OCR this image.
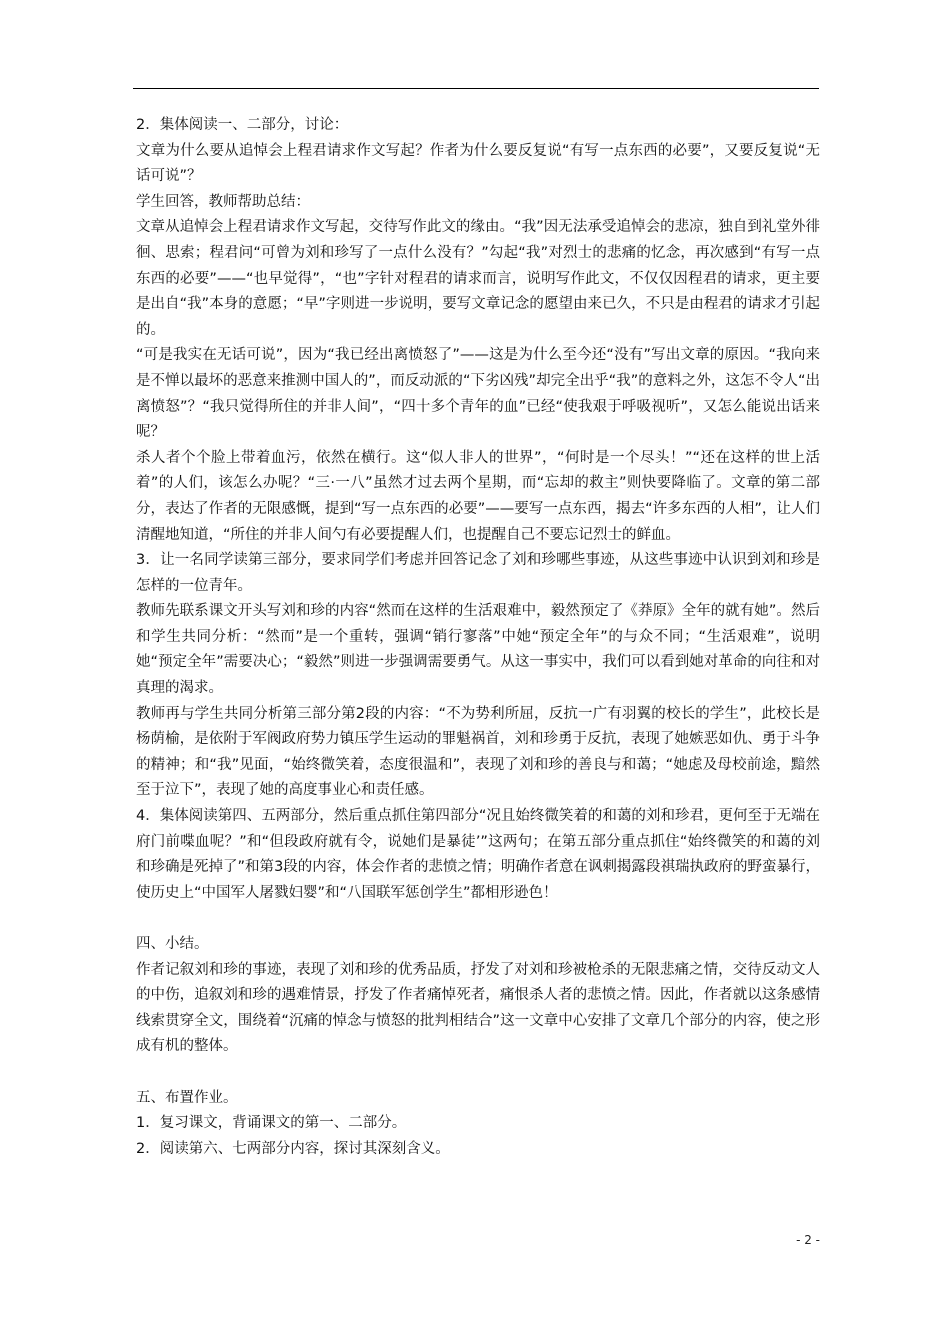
2．集体阅读一、二部分，讨论：

文章为什么要从追悼会上程君请求作文写起？作者为什么要反复说“有写一点东西的必要”，又要反复说“无话可说”？

学生回答，教师帮助总结：

文章从追悼会上程君请求作文写起，交待写作此文的缘由。“我”因无法承受追悼会的悲凉，独自到礼堂外徘徊、思索；程君问“可曾为刘和珍写了一点什么没有？”勾起“我”对烈士的悲痛的忆念，再次感到“有写一点东西的必要”——“也早觉得”，“也”字针对程君的请求而言，说明写作此文，不仅仅因程君的请求，更主要是出自“我”本身的意愿；“早”字则进一步说明，要写文章记念的愿望由来已久，不只是由程君的请求才引起的。

“可是我实在无话可说”，因为“我已经出离愤怒了”——这是为什么至今还“没有”写出文章的原因。“我向来是不惮以最坏的恶意来推测中国人的”，而反动派的“下劣凶残”却完全出乎“我”的意料之外，这怎不令人“出离愤怒”？“我只觉得所住的并非人间”，“四十多个青年的血”已经“使我艰于呼吸视听”，又怎么能说出话来呢？

杀人者个个脸上带着血污，依然在横行。这“似人非人的世界”，“何时是一个尽头！”“还在这样的世上活着”的人们，该怎么办呢？“三·一八”虽然才过去两个星期，而“忘却的救主”则快要降临了。文章的第二部分，表达了作者的无限感慨，提到“写一点东西的必要”——要写一点东西，揭去“许多东西的人相”，让人们清醒地知道，“所住的并非人间勺有必要提醒人们，也提醒自己不要忘记烈士的鲜血。

3．让一名同学读第三部分，要求同学们考虑并回答记念了刘和珍哪些事迹，从这些事迹中认识到刘和珍是怎样的一位青年。

教师先联系课文开头写刘和珍的内容“然而在这样的生活艰难中，毅然预定了《莽原》全年的就有她”。然后和学生共同分析：“然而”是一个重转，强调“销行寥落”中她“预定全年”的与众不同；“生活艰难”，说明她“预定全年”需要决心；“毅然”则进一步强调需要勇气。从这一事实中，我们可以看到她对革命的向往和对真理的渴求。

教师再与学生共同分析第三部分第2段的内容：“不为势利所屈，反抗一广有羽翼的校长的学生”，此校长是杨荫榆，是依附于军阀政府势力镇压学生运动的罪魁祸首，刘和珍勇于反抗，表现了她嫉恶如仇、勇于斗争的精神；和“我”见面，“始终微笑着，态度很温和”，表现了刘和珍的善良与和蔼；“她虑及母校前途，黯然至于泣下”，表现了她的高度事业心和责任感。

4．集体阅读第四、五两部分，然后重点抓住第四部分“况且始终微笑着的和蔼的刘和珍君，更何至于无端在府门前喋血呢？”和“但段政府就有令，说她们是暴徒’”这两句；在第五部分重点抓住“始终微笑的和蔼的刘和珍确是死掉了”和第3段的内容，体会作者的悲愤之情；明确作者意在讽刺揭露段祺瑞执政府的野蛮暴行，使历史上“中国军人屠戮妇婴”和“八国联军惩创学生”都相形逊色！

四、小结。

作者记叙刘和珍的事迹，表现了刘和珍的优秀品质，抒发了对刘和珍被枪杀的无限悲痛之情，交待反动文人的中伤，追叙刘和珍的遇难情景，抒发了作者痛悼死者，痛恨杀人者的悲愤之情。因此，作者就以这条感情线索贯穿全文，围绕着“沉痛的悼念与愤怒的批判相结合”这一文章中心安排了文章几个部分的内容，使之形成有机的整体。

五、布置作业。

1．复习课文，背诵课文的第一、二部分。

2．阅读第六、七两部分内容，探讨其深刻含义。

- 2 -
